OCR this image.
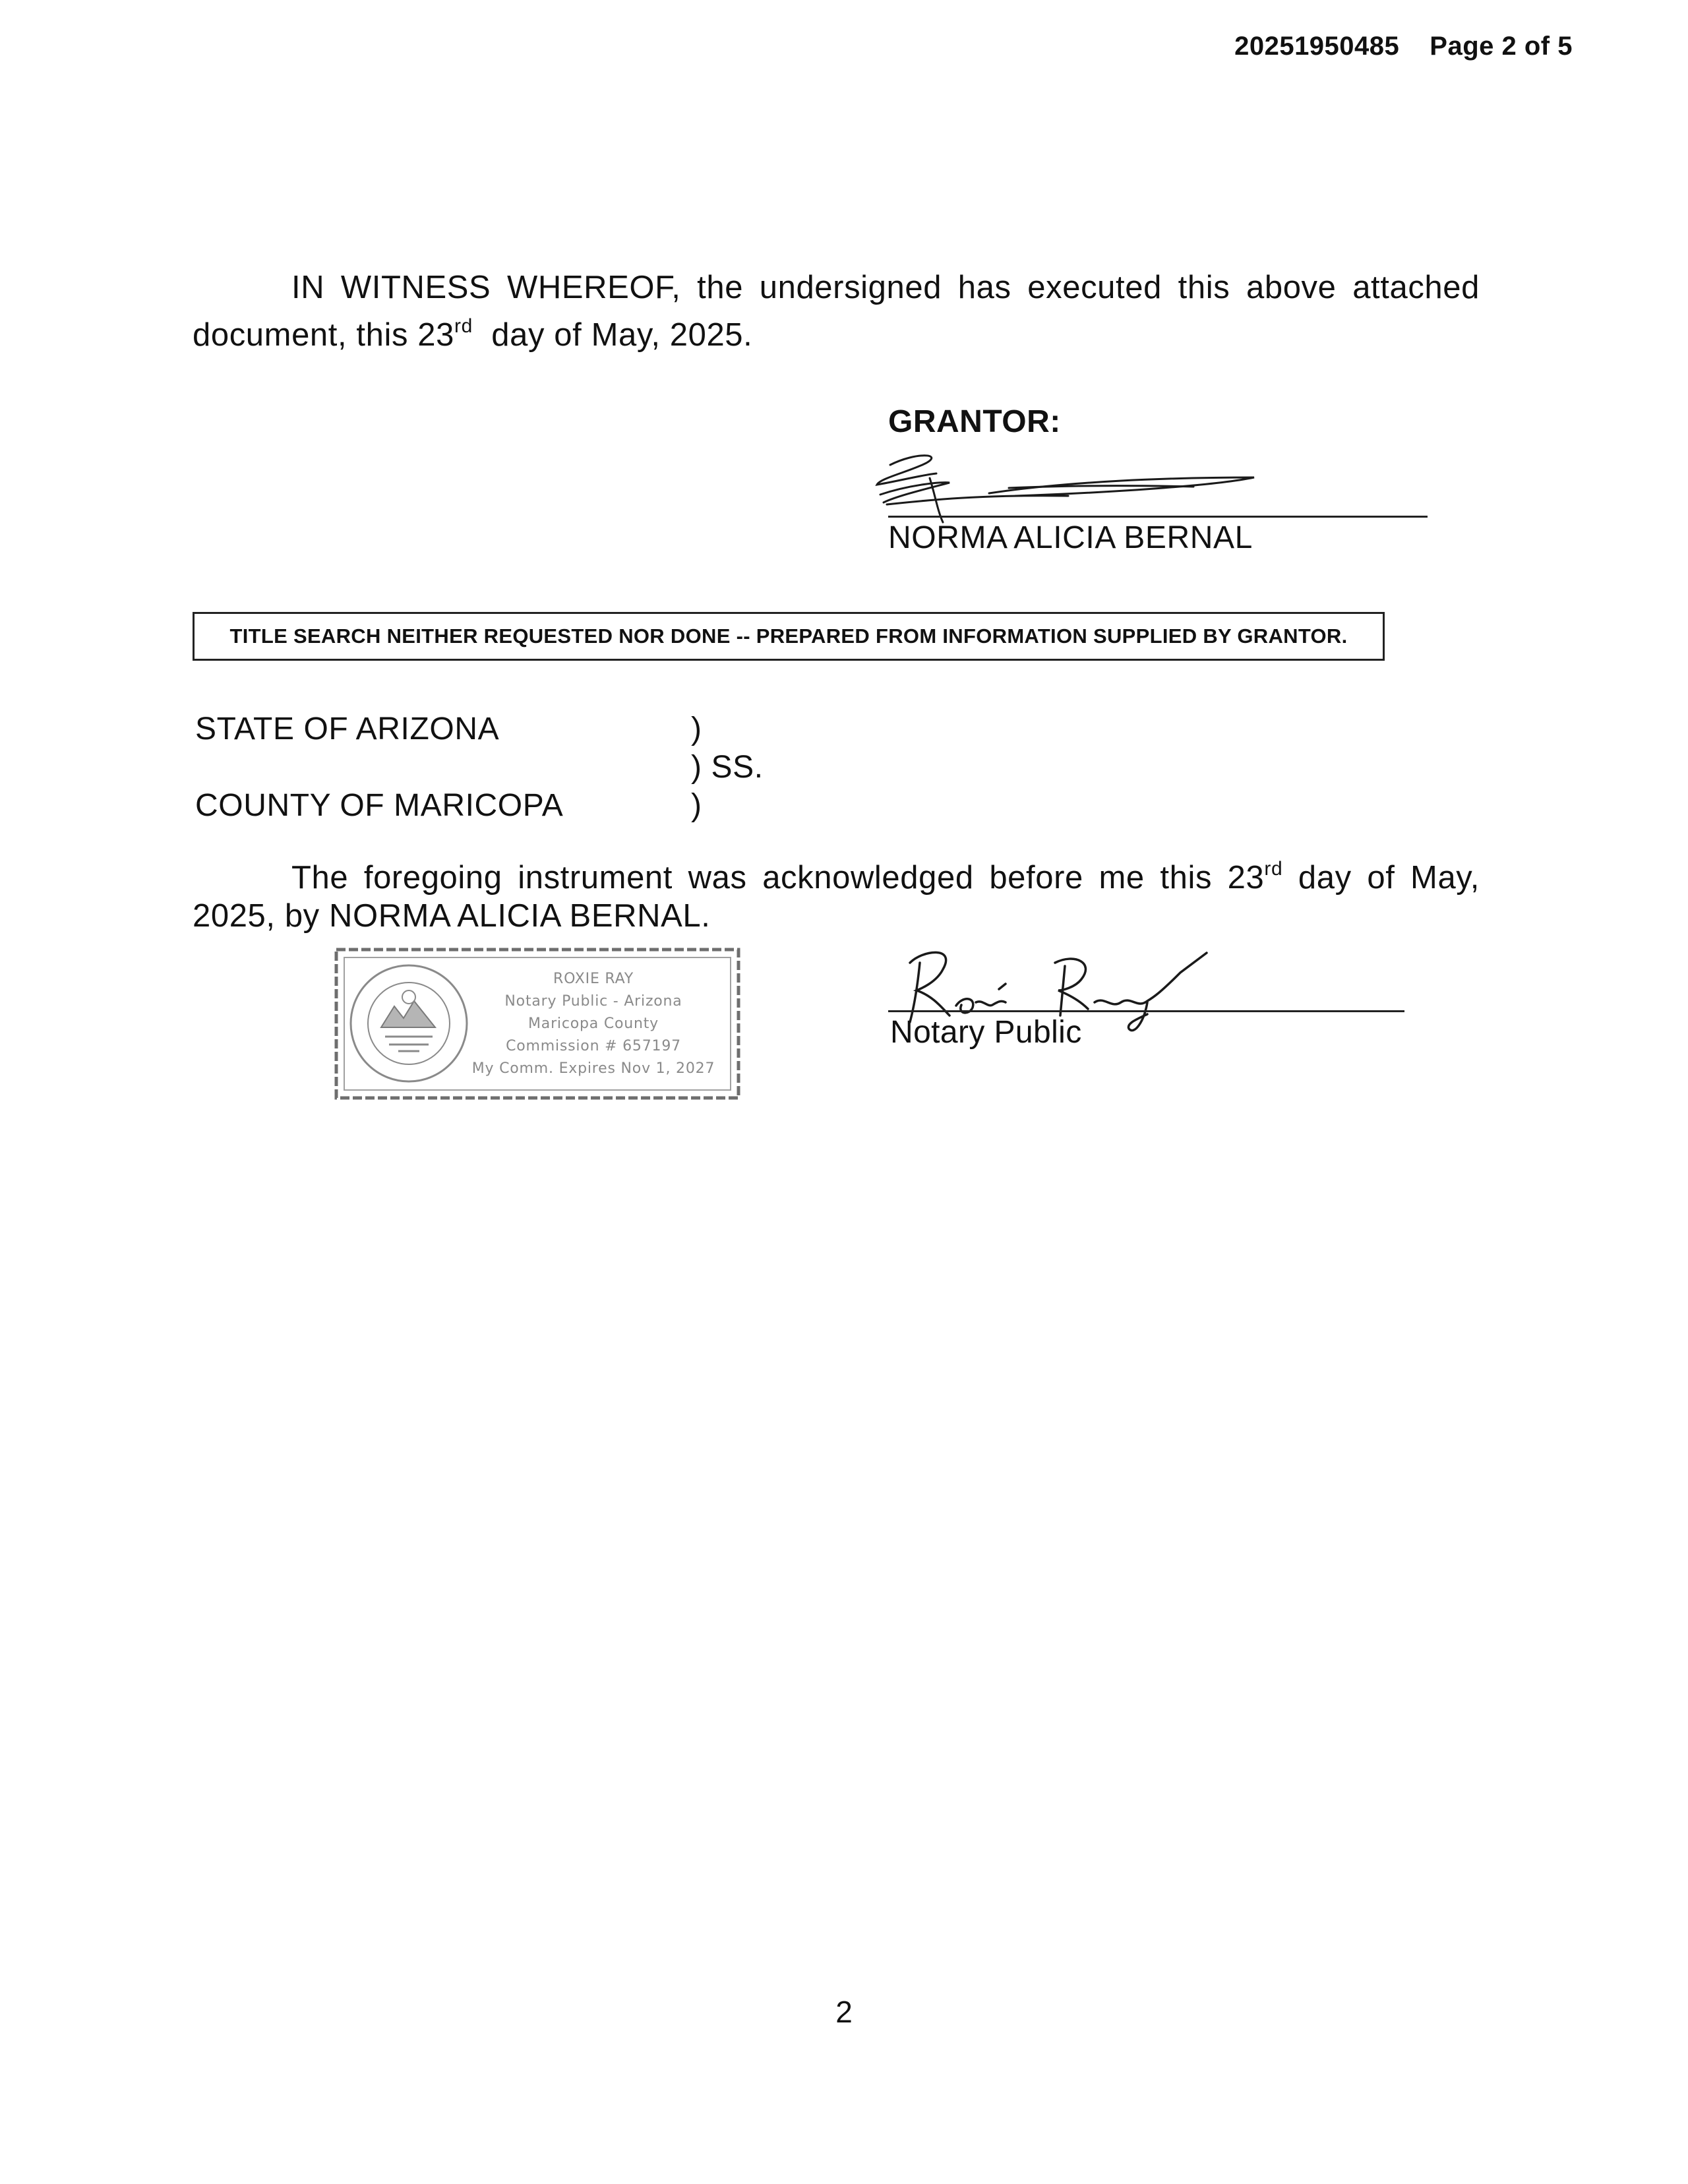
20251950485 Page 2 of 5
IN WITNESS WHEREOF, the undersigned has executed this above attached document, this 23rd  day of May, 2025.
GRANTOR:
NORMA ALICIA BERNAL
TITLE SEARCH NEITHER REQUESTED NOR DONE -- PREPARED FROM INFORMATION SUPPLIED BY GRANTOR.
STATE OF ARIZONA	)
) SS.
COUNTY OF MARICOPA	)
The foregoing instrument was acknowledged before me this 23rd day of May, 2025, by NORMA ALICIA BERNAL.
ROXIE RAY
Notary Public - Arizona
Maricopa County
Commission # 657197
My Comm. Expires Nov 1, 2027
Notary Public
2
